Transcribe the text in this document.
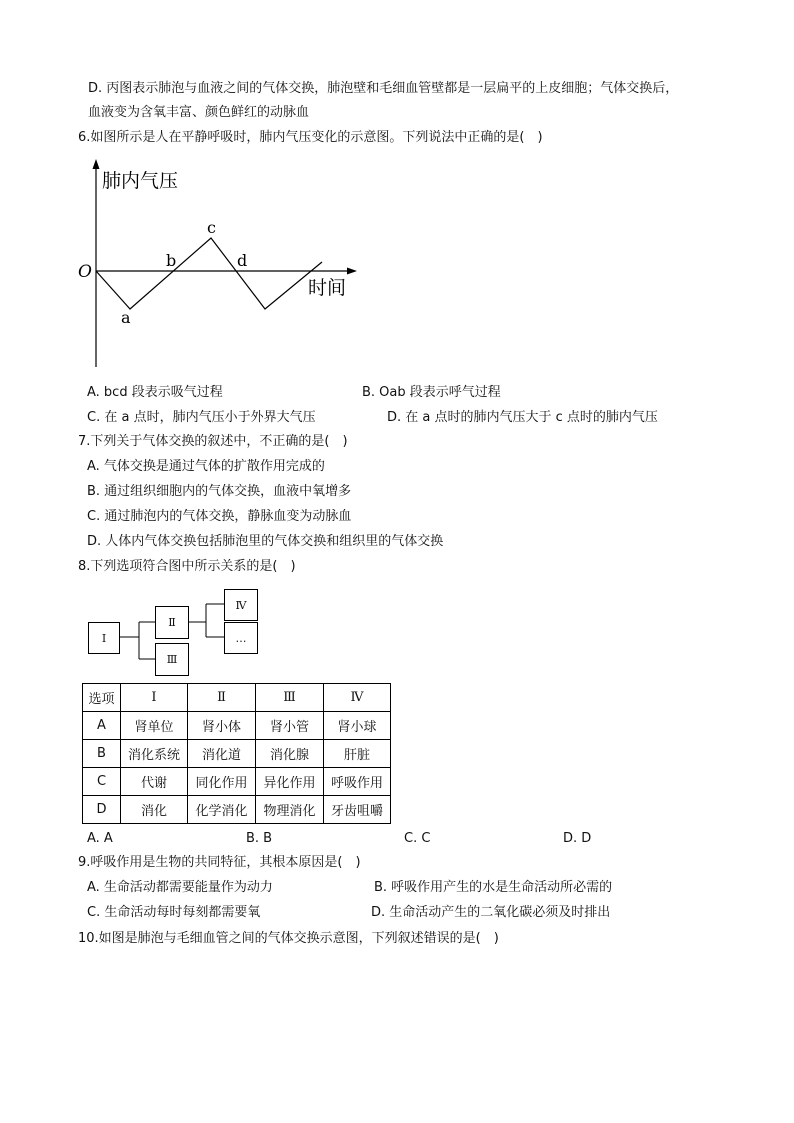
D. 丙图表示肺泡与血液之间的气体交换，肺泡壁和毛细血管壁都是一层扁平的上皮细胞；气体交换后，
血液变为含氧丰富、颜色鲜红的动脉血
6.如图所示是人在平静呼吸时，肺内气压变化的示意图。下列说法中正确的是(　)
肺内气压
时间
O
a
b
c
d
A. bcd 段表示吸气过程	B. Oab 段表示呼气过程
C. 在 a 点时，肺内气压小于外界大气压	D. 在 a 点时的肺内气压大于 c 点时的肺内气压
7.下列关于气体交换的叙述中，不正确的是(　)
A. 气体交换是通过气体的扩散作用完成的
B. 通过组织细胞内的气体交换，血液中氧增多
C. 通过肺泡内的气体交换，静脉血变为动脉血
D. 人体内气体交换包括肺泡里的气体交换和组织里的气体交换
8.下列选项符合图中所示关系的是(　)
Ⅰ
Ⅱ
Ⅲ
Ⅳ
…
选项	Ⅰ	Ⅱ	Ⅲ	Ⅳ
A	肾单位	肾小体	肾小管	肾小球
B	消化系统	消化道	消化腺	肝脏
C	代谢	同化作用	异化作用	呼吸作用
D	消化	化学消化	物理消化	牙齿咀嚼
A. A	B. B	C. C	D. D
9.呼吸作用是生物的共同特征，其根本原因是(　)
A. 生命活动都需要能量作为动力	B. 呼吸作用产生的水是生命活动所必需的
C. 生命活动每时每刻都需要氧	D. 生命活动产生的二氧化碳必须及时排出
10.如图是肺泡与毛细血管之间的气体交换示意图，下列叙述错误的是(　)
